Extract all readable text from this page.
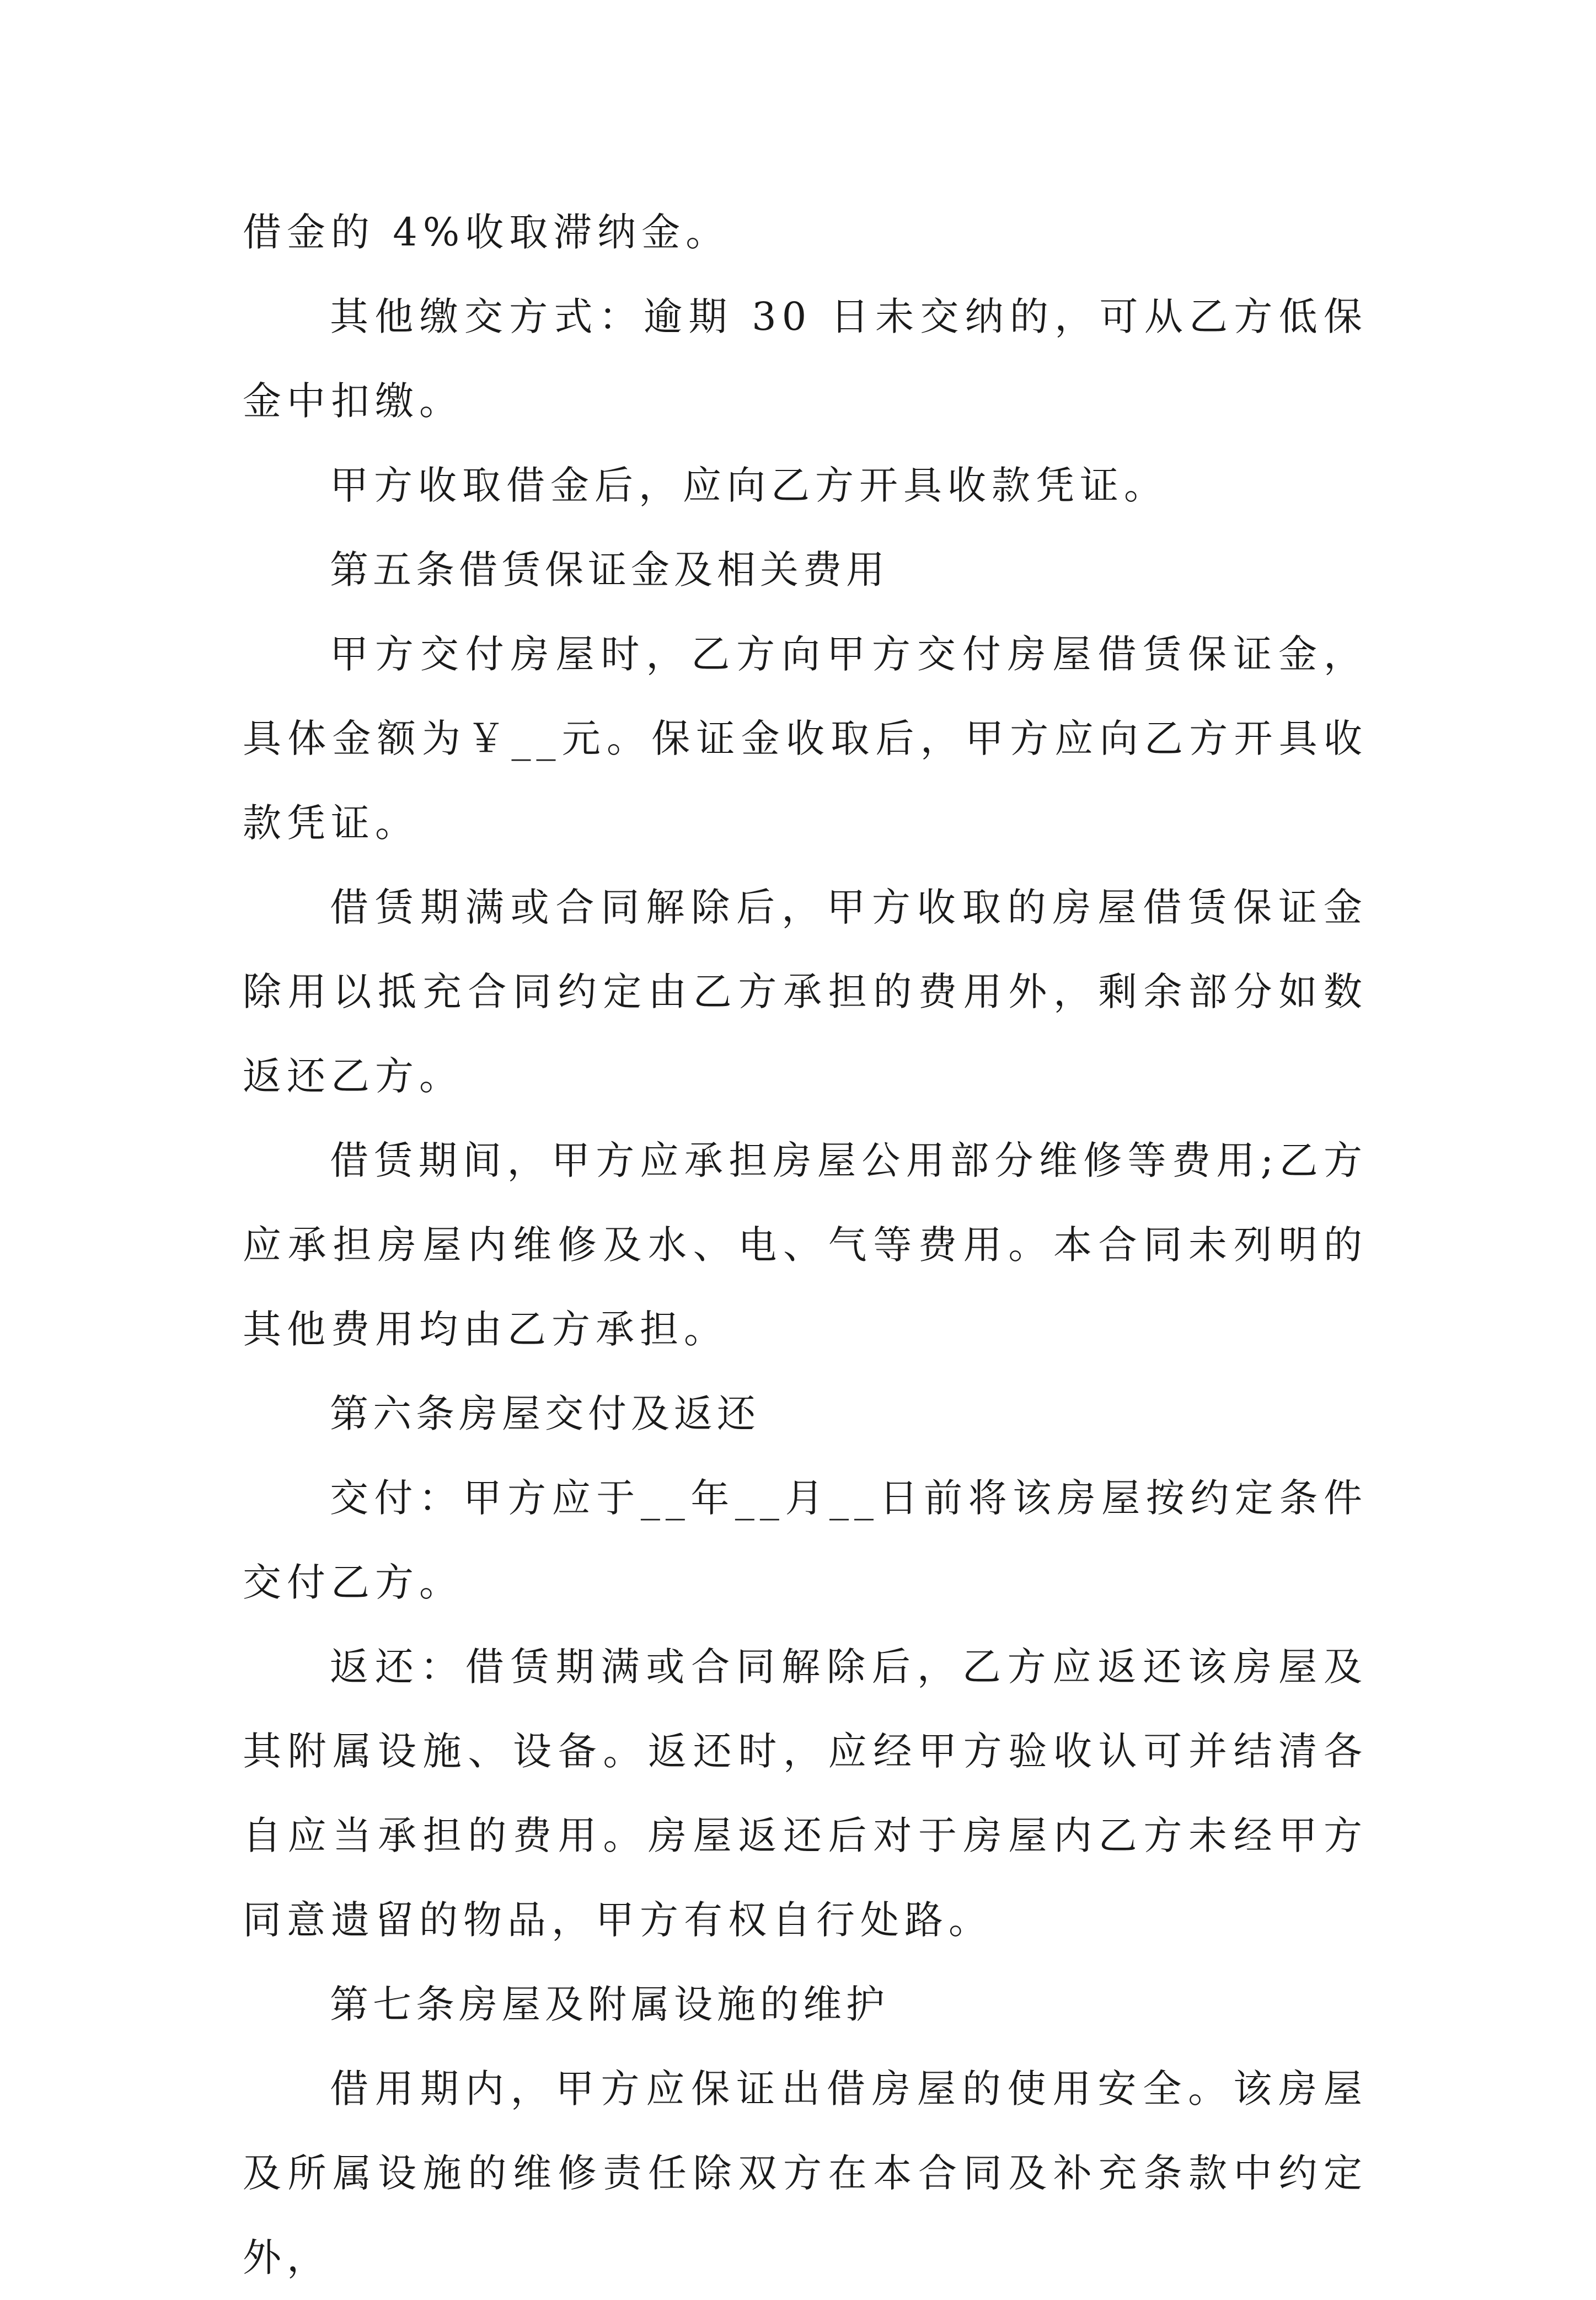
借金的 4%收取滞纳金。

其他缴交方式：逾期 30 日未交纳的，可从乙方低保金中扣缴。

甲方收取借金后，应向乙方开具收款凭证。

第五条借赁保证金及相关费用

甲方交付房屋时，乙方向甲方交付房屋借赁保证金，具体金额为￥__元。保证金收取后，甲方应向乙方开具收款凭证。

借赁期满或合同解除后，甲方收取的房屋借赁保证金除用以抵充合同约定由乙方承担的费用外，剩余部分如数返还乙方。

借赁期间，甲方应承担房屋公用部分维修等费用;乙方应承担房屋内维修及水、电、气等费用。本合同未列明的其他费用均由乙方承担。

第六条房屋交付及返还

交付：甲方应于__年__月__日前将该房屋按约定条件交付乙方。

返还：借赁期满或合同解除后，乙方应返还该房屋及其附属设施、设备。返还时，应经甲方验收认可并结清各自应当承担的费用。房屋返还后对于房屋内乙方未经甲方同意遗留的物品，甲方有权自行处路。

第七条房屋及附属设施的维护

借用期内，甲方应保证出借房屋的使用安全。该房屋及所属设施的维修责任除双方在本合同及补充条款中约定外，
